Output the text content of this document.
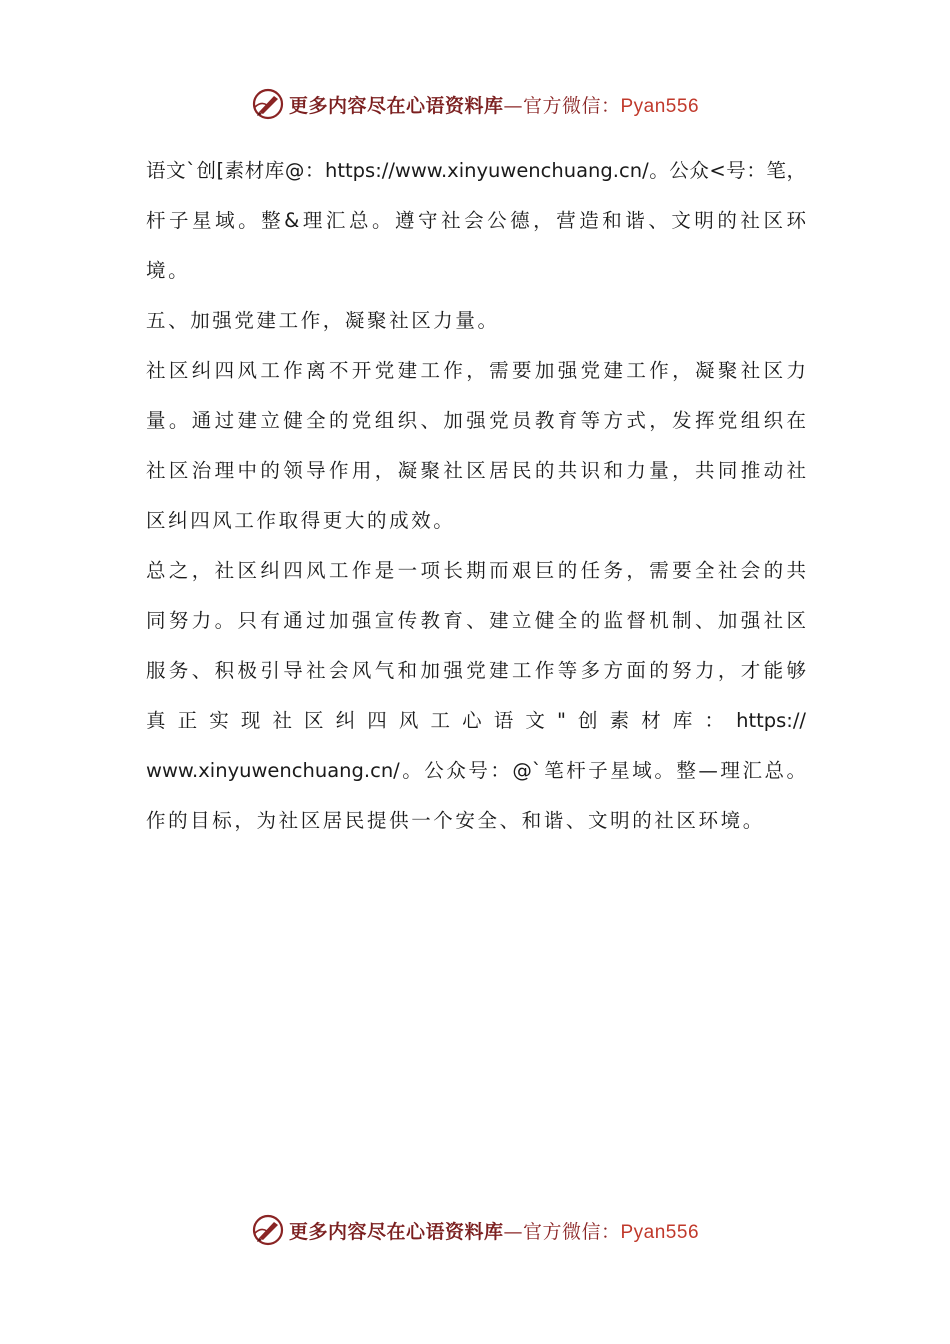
更多内容尽在心语资料库—官方微信：Pyan556
语文`创[素材库@：https://www.xinyuwenchuang.cn/。公众<号：笔，
杆子星域。整&理汇总。遵守社会公德，营造和谐、文明的社区环
境。
五、加强党建工作，凝聚社区力量。
社区纠四风工作离不开党建工作，需要加强党建工作，凝聚社区力
量。通过建立健全的党组织、加强党员教育等方式，发挥党组织在
社区治理中的领导作用，凝聚社区居民的共识和力量，共同推动社
区纠四风工作取得更大的成效。
总之，社区纠四风工作是一项长期而艰巨的任务，需要全社会的共
同努力。只有通过加强宣传教育、建立健全的监督机制、加强社区
服务、积极引导社会风气和加强党建工作等多方面的努力，才能够
真正实现社区纠四风工心语文"创素材库：https://
www.xinyuwenchuang.cn/。公众号：@`笔杆子星域。整—理汇总。
作的目标，为社区居民提供一个安全、和谐、文明的社区环境。
更多内容尽在心语资料库—官方微信：Pyan556
